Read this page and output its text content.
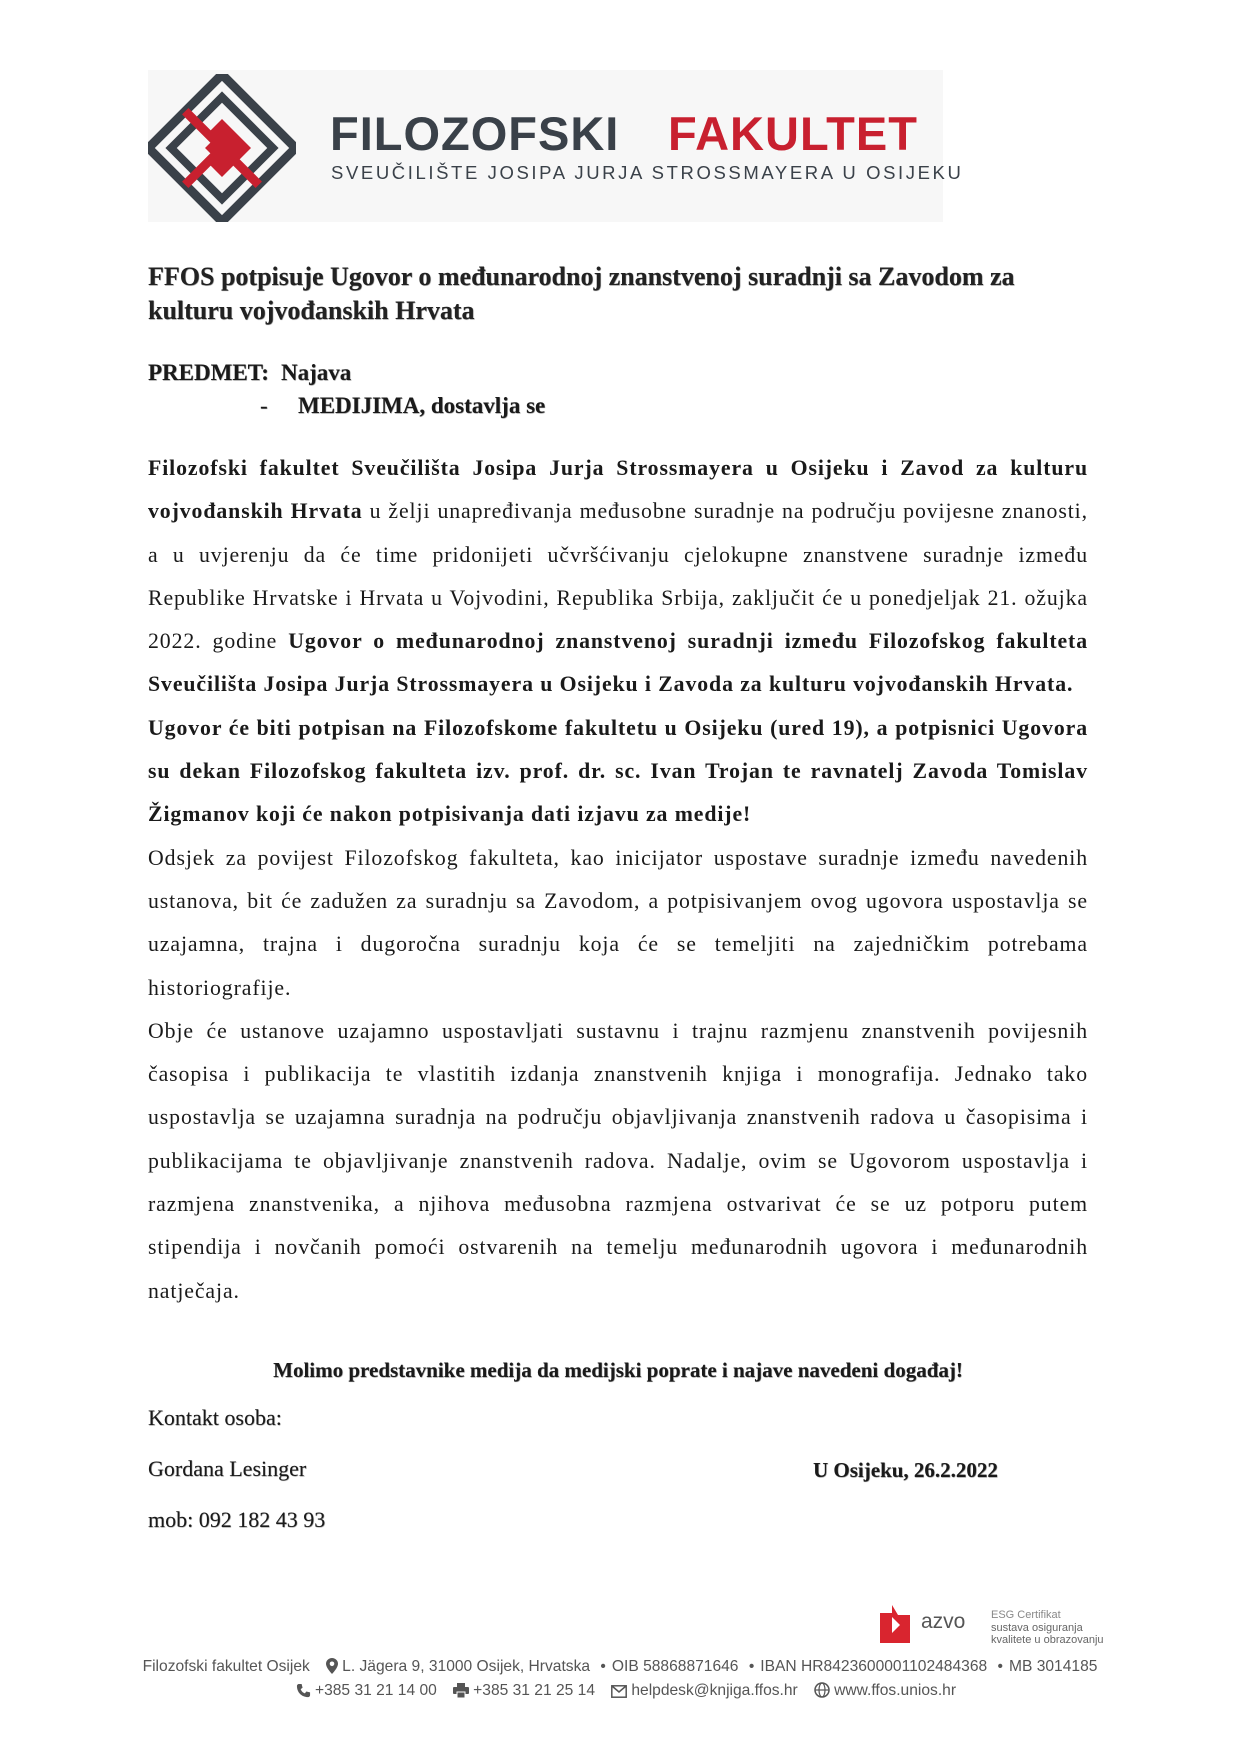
FILOZOFSKI FAKULTET
SVEUČILIŠTE JOSIPA JURJA STROSSMAYERA U OSIJEKU
FFOS potpisuje Ugovor o međunarodnoj znanstvenoj suradnji sa Zavodom za kulturu vojvođanskih Hrvata
PREDMET: Najava
- MEDIJIMA, dostavlja se

Filozofski fakultet Sveučilišta Josipa Jurja Strossmayera u Osijeku i Zavod za kulturu vojvođanskih Hrvata u želji unapređivanja međusobne suradnje na području povijesne znanosti, a u uvjerenju da će time pridonijeti učvršćivanju cjelokupne znanstvene suradnje između Republike Hrvatske i Hrvata u Vojvodini, Republika Srbija, zaključit će u ponedjeljak 21. ožujka 2022. godine Ugovor o međunarodnoj znanstvenoj suradnji između Filozofskog fakulteta Sveučilišta Josipa Jurja Strossmayera u Osijeku i Zavoda za kulturu vojvođanskih Hrvata.

Ugovor će biti potpisan na Filozofskome fakultetu u Osijeku (ured 19), a potpisnici Ugovora su dekan Filozofskog fakulteta izv. prof. dr. sc. Ivan Trojan te ravnatelj Zavoda Tomislav Žigmanov koji će nakon potpisivanja dati izjavu za medije!

Odsjek za povijest Filozofskog fakulteta, kao inicijator uspostave suradnje između navedenih ustanova, bit će zadužen za suradnju sa Zavodom, a potpisivanjem ovog ugovora uspostavlja se uzajamna, trajna i dugoročna suradnju koja će se temeljiti na zajedničkim potrebama historiografije.

Obje će ustanove uzajamno uspostavljati sustavnu i trajnu razmjenu znanstvenih povijesnih časopisa i publikacija te vlastitih izdanja znanstvenih knjiga i monografija. Jednako tako uspostavlja se uzajamna suradnja na području objavljivanja znanstvenih radova u časopisima i publikacijama te objavljivanje znanstvenih radova. Nadalje, ovim se Ugovorom uspostavlja i razmjena znanstvenika, a njihova međusobna razmjena ostvarivat će se uz potporu putem stipendija i novčanih pomoći ostvarenih na temelju međunarodnih ugovora i međunarodnih natječaja.

Molimo predstavnike medija da medijski poprate i najave navedeni događaj!
Kontakt osoba:
Gordana Lesinger	U Osijeku, 26.2.2022
mob: 092 182 43 93
azvo ESG Certifikat
sustava osiguranja
kvalitete u obrazovanju
Filozofski fakultet Osijek L. Jägera 9, 31000 Osijek, Hrvatska • OIB 58868871646 • IBAN HR8423600001102484368 • MB 3014185
+385 31 21 14 00 +385 31 21 25 14 helpdesk@knjiga.ffos.hr www.ffos.unios.hr
